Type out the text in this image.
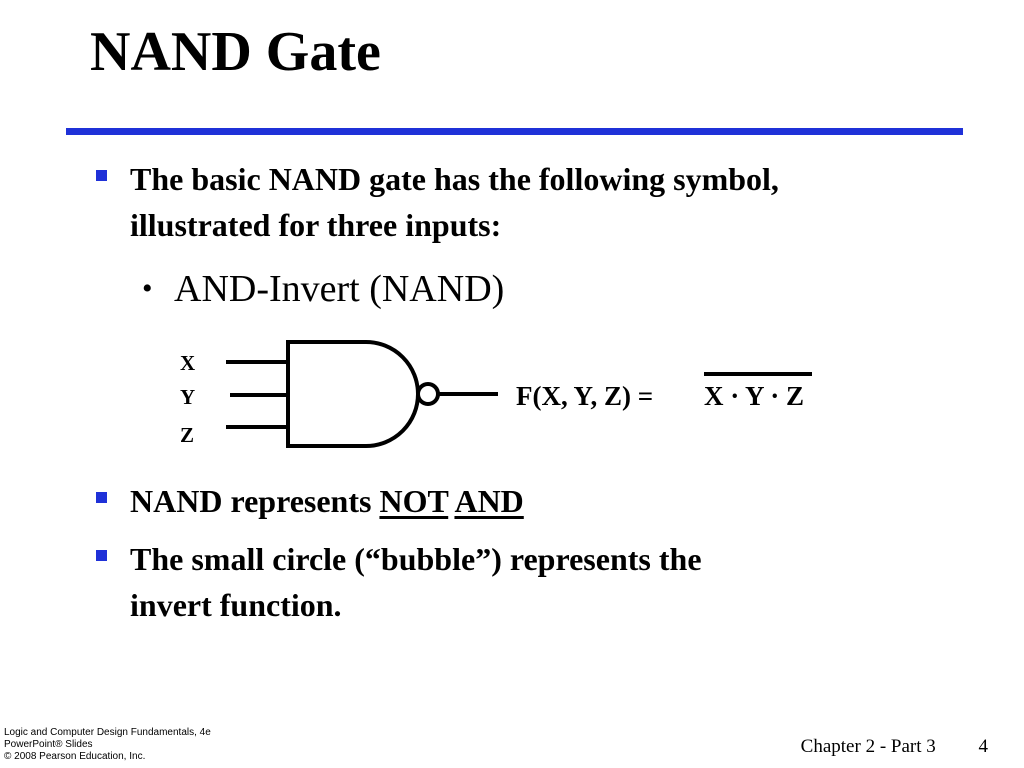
NAND Gate
The basic NAND gate has the following symbol,
illustrated for three inputs:
• AND-Invert (NAND)
X
Y
Z
F(X, Y, Z) = X · Y · Z
NAND represents NOT AND
The small circle (“bubble”) represents the
invert function.
Logic and Computer Design Fundamentals, 4e
PowerPoint® Slides
© 2008 Pearson Education, Inc.	Chapter 2 - Part 3 4
